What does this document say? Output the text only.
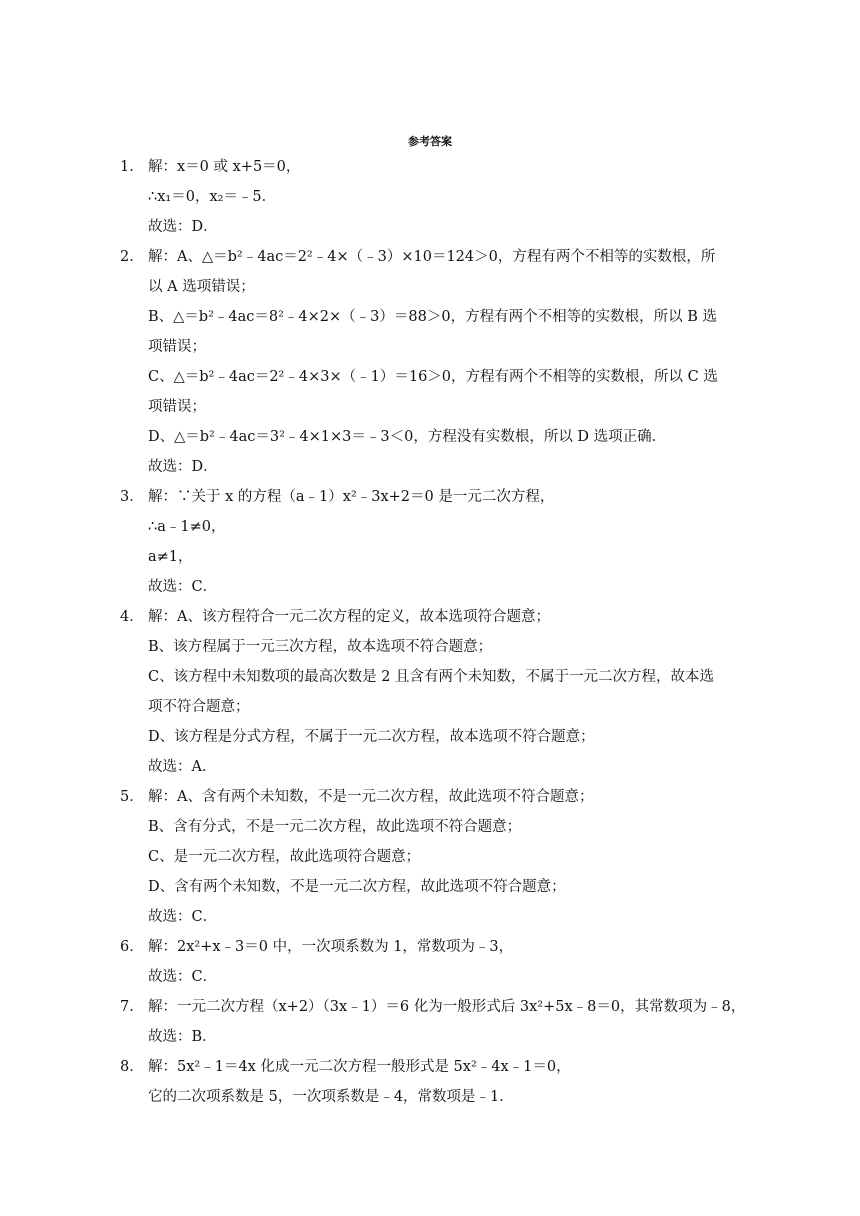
参考答案
1． 解：x＝0 或 x+5＝0，
∴x₁＝0，x₂＝﹣5．
故选：D．
2． 解：A、△＝b²﹣4ac＝2²﹣4×（﹣3）×10＝124＞0，方程有两个不相等的实数根，所
以 A 选项错误；
B、△＝b²﹣4ac＝8²﹣4×2×（﹣3）＝88＞0，方程有两个不相等的实数根，所以 B 选
项错误；
C、△＝b²﹣4ac＝2²﹣4×3×（﹣1）＝16＞0，方程有两个不相等的实数根，所以 C 选
项错误；
D、△＝b²﹣4ac＝3²﹣4×1×3＝﹣3＜0，方程没有实数根，所以 D 选项正确．
故选：D．
3． 解：∵关于 x 的方程（a﹣1）x²﹣3x+2＝0 是一元二次方程，
∴a﹣1≠0，
a≠1，
故选：C．
4． 解：A、该方程符合一元二次方程的定义，故本选项符合题意；
B、该方程属于一元三次方程，故本选项不符合题意；
C、该方程中未知数项的最高次数是 2 且含有两个未知数，不属于一元二次方程，故本选
项不符合题意；
D、该方程是分式方程，不属于一元二次方程，故本选项不符合题意；
故选：A．
5． 解：A、含有两个未知数，不是一元二次方程，故此选项不符合题意；
B、含有分式，不是一元二次方程，故此选项不符合题意；
C、是一元二次方程，故此选项符合题意；
D、含有两个未知数，不是一元二次方程，故此选项不符合题意；
故选：C．
6． 解：2x²+x﹣3＝0 中，一次项系数为 1，常数项为﹣3，
故选：C．
7． 解：一元二次方程（x+2）（3x﹣1）＝6 化为一般形式后 3x²+5x﹣8＝0，其常数项为﹣8，
故选：B．
8． 解：5x²﹣1＝4x 化成一元二次方程一般形式是 5x²﹣4x﹣1＝0，
它的二次项系数是 5，一次项系数是﹣4，常数项是﹣1．
